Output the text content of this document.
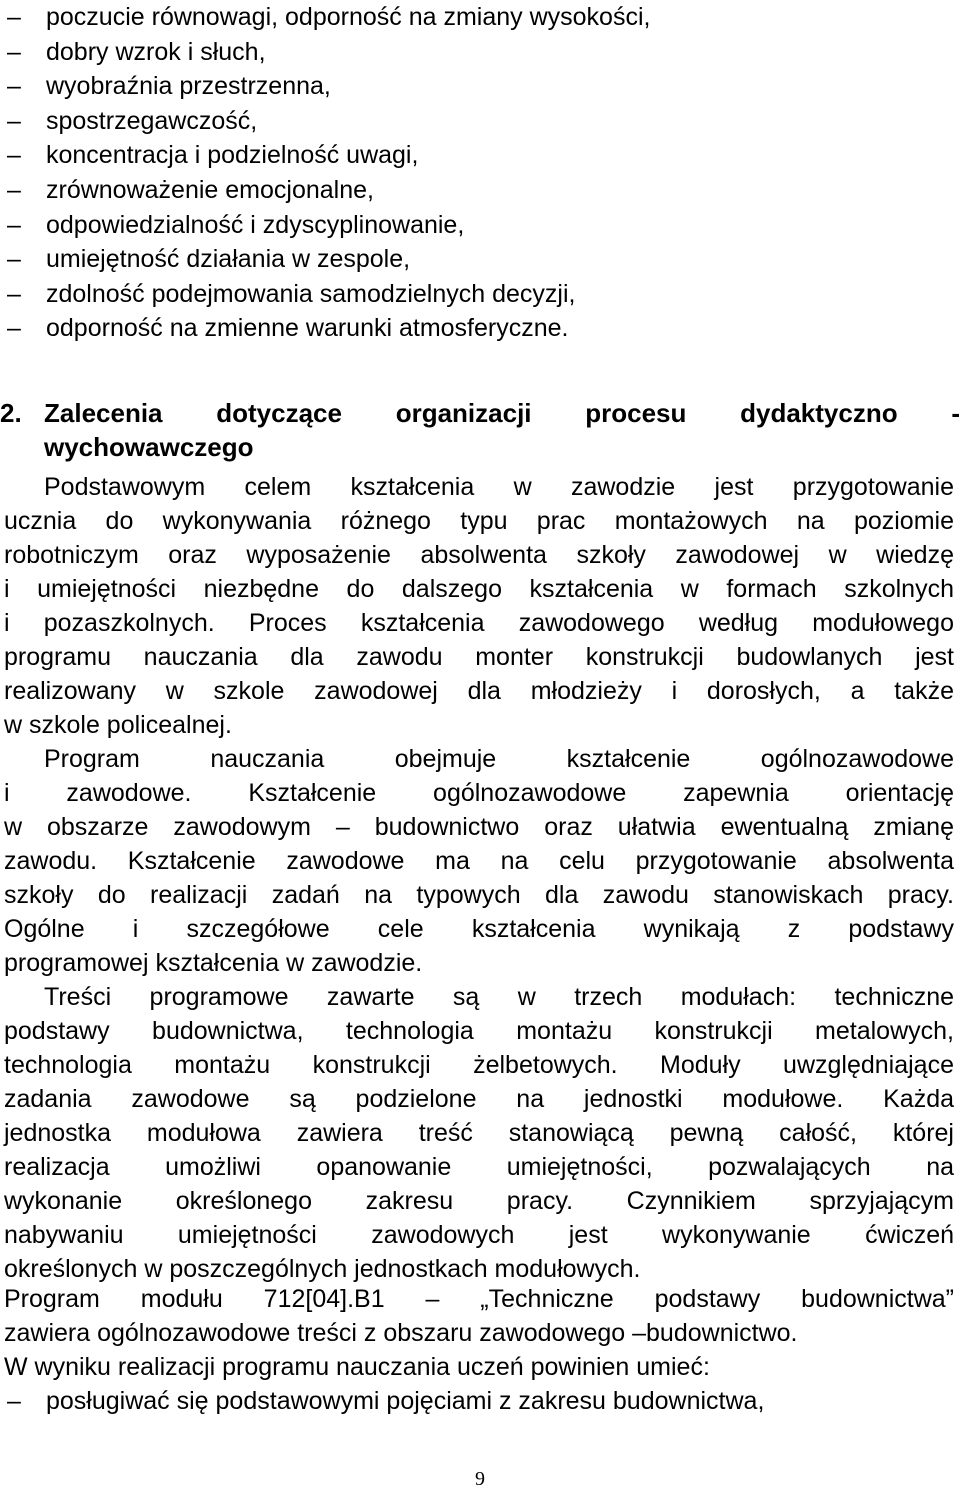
– poczucie równowagi, odporność na zmiany wysokości,
– dobry wzrok i słuch,
– wyobraźnia przestrzenna,
– spostrzegawczość,
– koncentracja i podzielność uwagi,
– zrównoważenie emocjonalne,
– odpowiedzialność i zdyscyplinowanie,
– umiejętność działania w zespole,
– zdolność podejmowania samodzielnych decyzji,
– odporność na zmienne warunki atmosferyczne.
2. Zalecenia dotyczące organizacji procesu dydaktyczno -
wychowawczego
Podstawowym celem kształcenia w zawodzie jest przygotowanie
ucznia do wykonywania różnego typu prac montażowych na poziomie
robotniczym oraz wyposażenie absolwenta szkoły zawodowej w wiedzę
i umiejętności niezbędne do dalszego kształcenia w formach szkolnych
i pozaszkolnych. Proces kształcenia zawodowego według modułowego
programu nauczania dla zawodu monter konstrukcji budowlanych jest
realizowany w szkole zawodowej dla młodzieży i dorosłych, a także
w szkole policealnej.
Program nauczania obejmuje kształcenie ogólnozawodowe
i zawodowe. Kształcenie ogólnozawodowe zapewnia orientację
w obszarze zawodowym – budownictwo oraz ułatwia ewentualną zmianę
zawodu. Kształcenie zawodowe ma na celu przygotowanie absolwenta
szkoły do realizacji zadań na typowych dla zawodu stanowiskach pracy.
Ogólne i szczegółowe cele kształcenia wynikają z podstawy
programowej kształcenia w zawodzie.
Treści programowe zawarte są w trzech modułach: techniczne
podstawy budownictwa, technologia montażu konstrukcji metalowych,
technologia montażu konstrukcji żelbetowych. Moduły uwzględniające
zadania zawodowe są podzielone na jednostki modułowe. Każda
jednostka modułowa zawiera treść stanowiącą pewną całość, której
realizacja umożliwi opanowanie umiejętności, pozwalających na
wykonanie określonego zakresu pracy. Czynnikiem sprzyjającym
nabywaniu umiejętności zawodowych jest wykonywanie ćwiczeń
określonych w poszczególnych jednostkach modułowych.
Program modułu 712[04].B1 – „Techniczne podstawy budownictwa”
zawiera ogólnozawodowe treści z obszaru zawodowego –budownictwo.
W wyniku realizacji programu nauczania uczeń powinien umieć:
– posługiwać się podstawowymi pojęciami z zakresu budownictwa,
9
